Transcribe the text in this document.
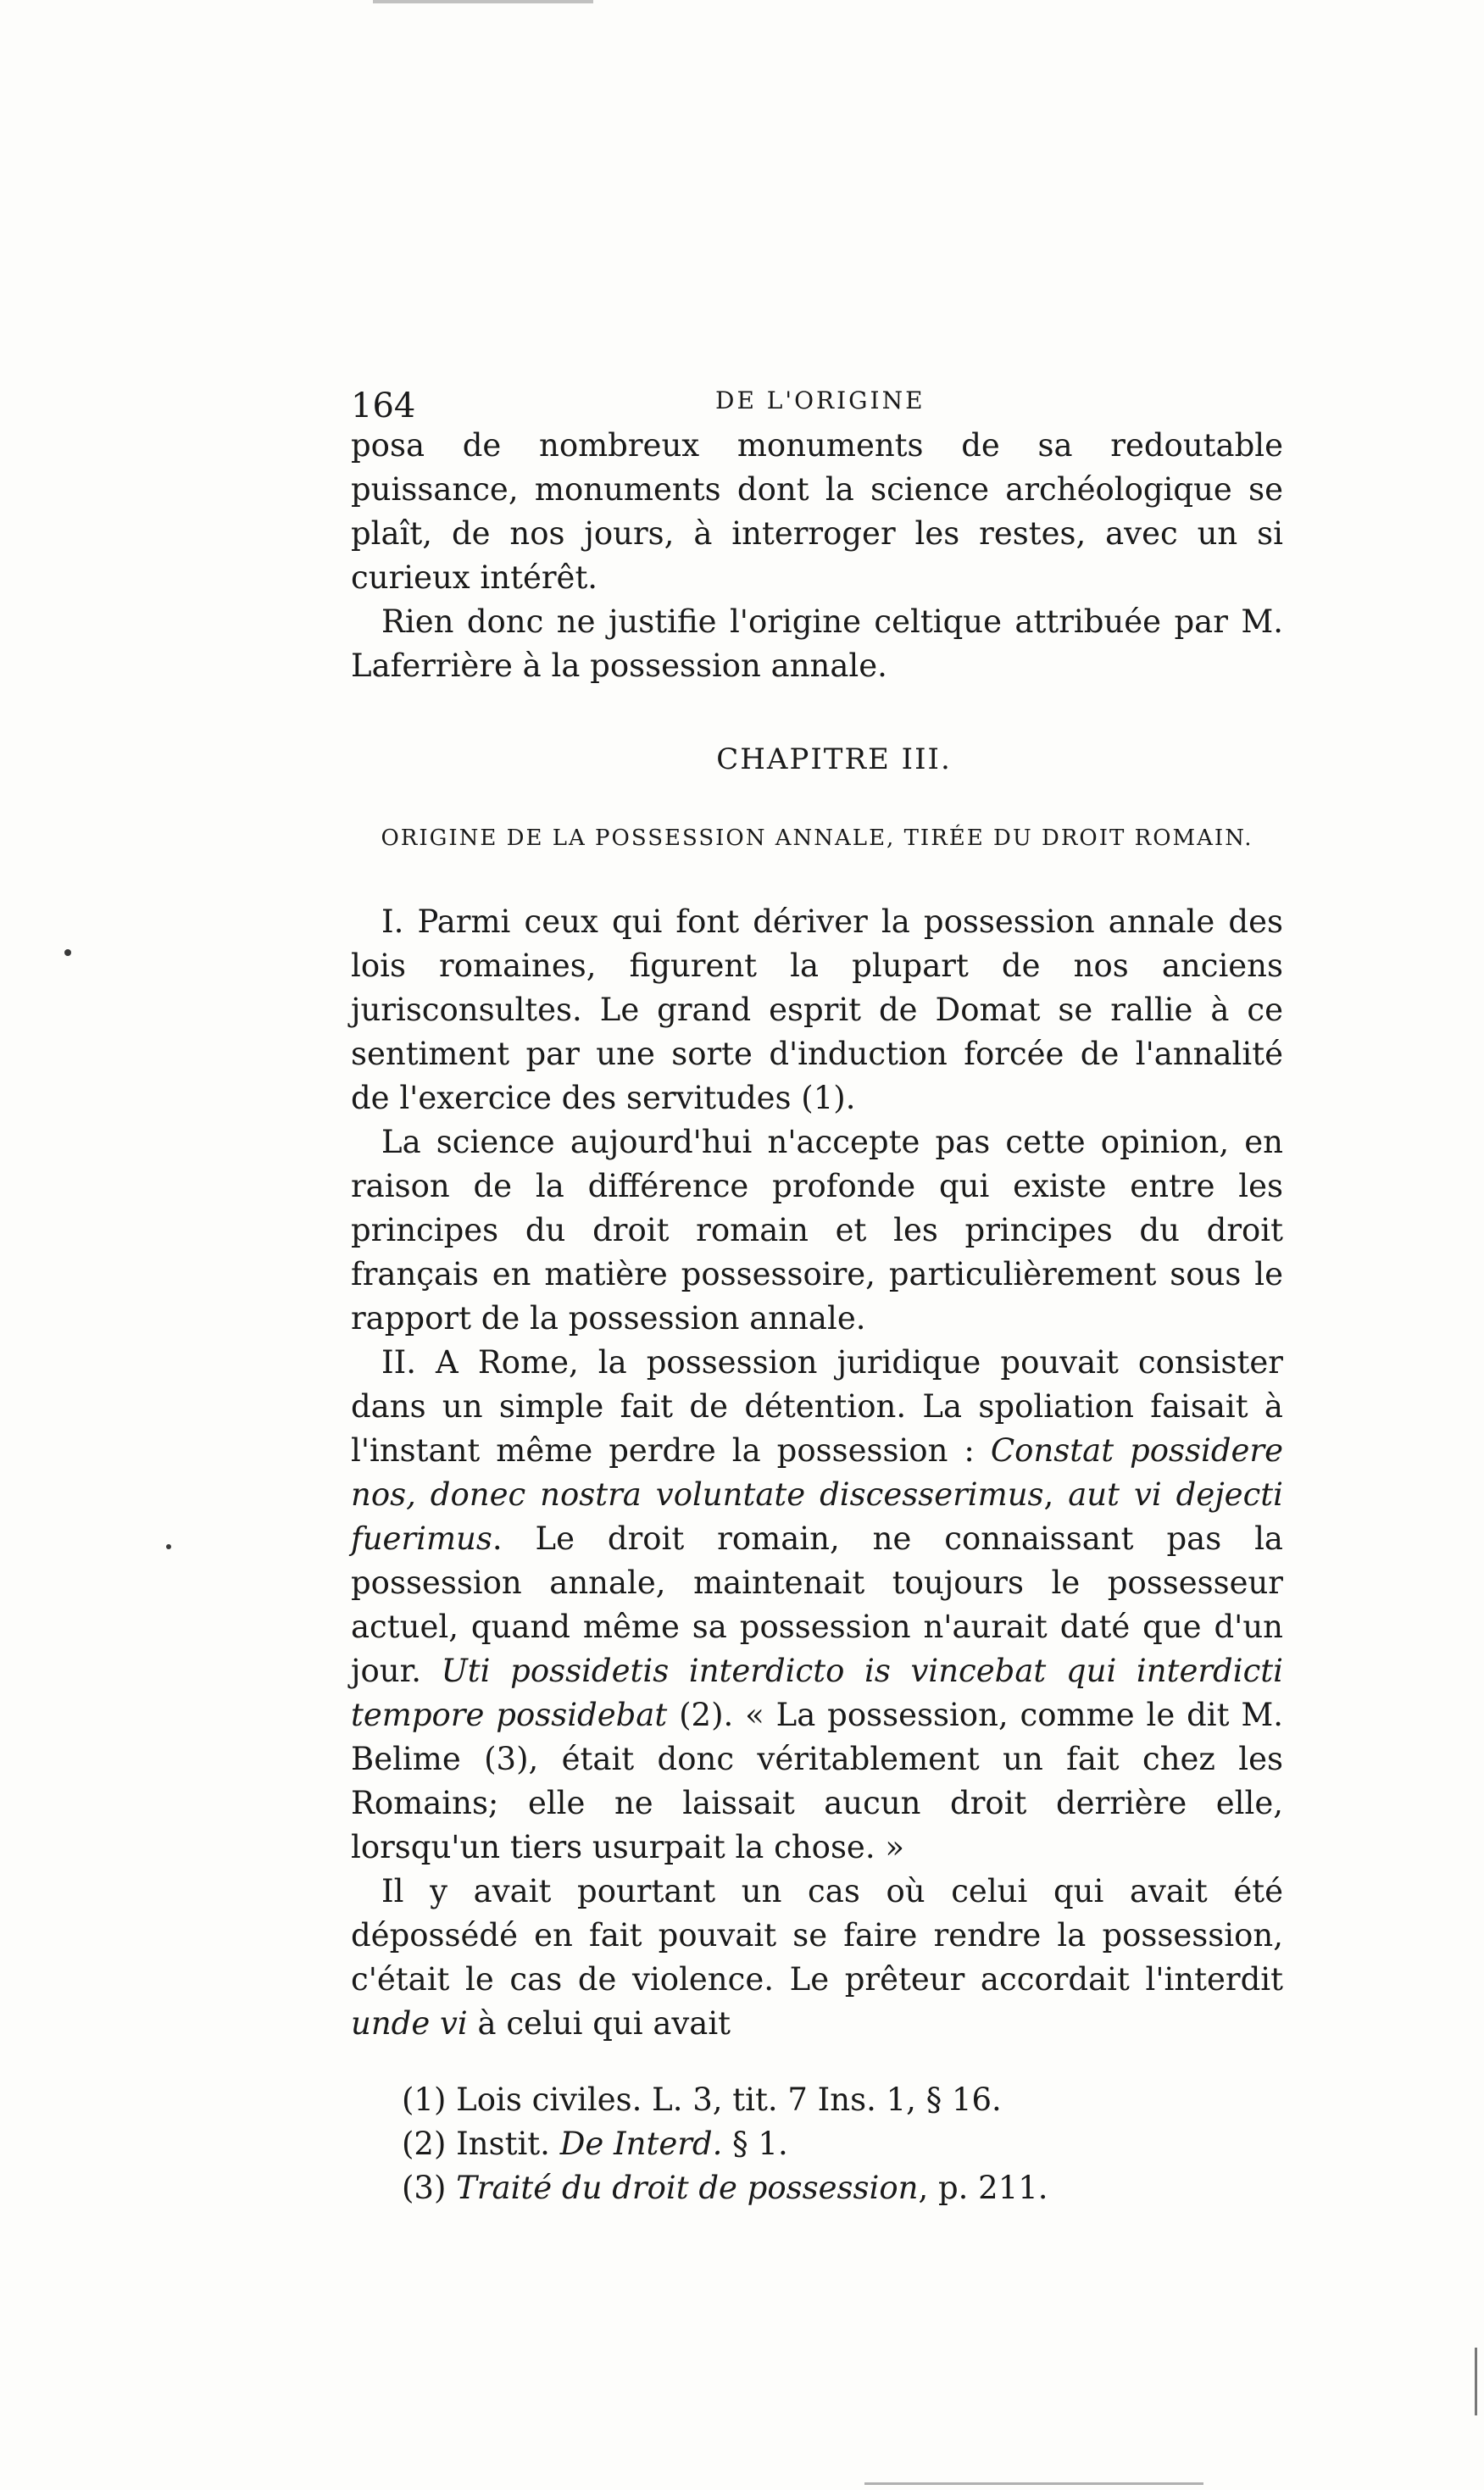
164	DE L'ORIGINE

posa de nombreux monuments de sa redoutable puissance, monuments dont la science archéologique se plaît, de nos jours, à interroger les restes, avec un si curieux intérêt.

Rien donc ne justifie l'origine celtique attribuée par M. Laferrière à la possession annale.

CHAPITRE III.
ORIGINE DE LA POSSESSION ANNALE, TIRÉE DU DROIT ROMAIN.

I. Parmi ceux qui font dériver la possession annale des lois romaines, figurent la plupart de nos anciens jurisconsultes. Le grand esprit de Domat se rallie à ce sentiment par une sorte d'induction forcée de l'annalité de l'exercice des servitudes (1).

La science aujourd'hui n'accepte pas cette opinion, en raison de la différence profonde qui existe entre les principes du droit romain et les principes du droit français en matière possessoire, particulièrement sous le rapport de la possession annale.

II. A Rome, la possession juridique pouvait consister dans un simple fait de détention. La spoliation faisait à l'instant même perdre la possession : Constat possidere nos, donec nostra voluntate discesserimus, aut vi dejecti fuerimus. Le droit romain, ne connaissant pas la possession annale, maintenait toujours le possesseur actuel, quand même sa possession n'aurait daté que d'un jour. Uti possidetis interdicto is vincebat qui interdicti tempore possidebat (2). « La possession, comme le dit M. Belime (3), était donc véritablement un fait chez les Romains; elle ne laissait aucun droit derrière elle, lorsqu'un tiers usurpait la chose. »

Il y avait pourtant un cas où celui qui avait été dépossédé en fait pouvait se faire rendre la possession, c'était le cas de violence. Le prêteur accordait l'interdit unde vi à celui qui avait

(1) Lois civiles. L. 3, tit. 7 Ins. 1, § 16.

(2) Instit. De Interd. § 1.

(3) Traité du droit de possession, p. 211.
